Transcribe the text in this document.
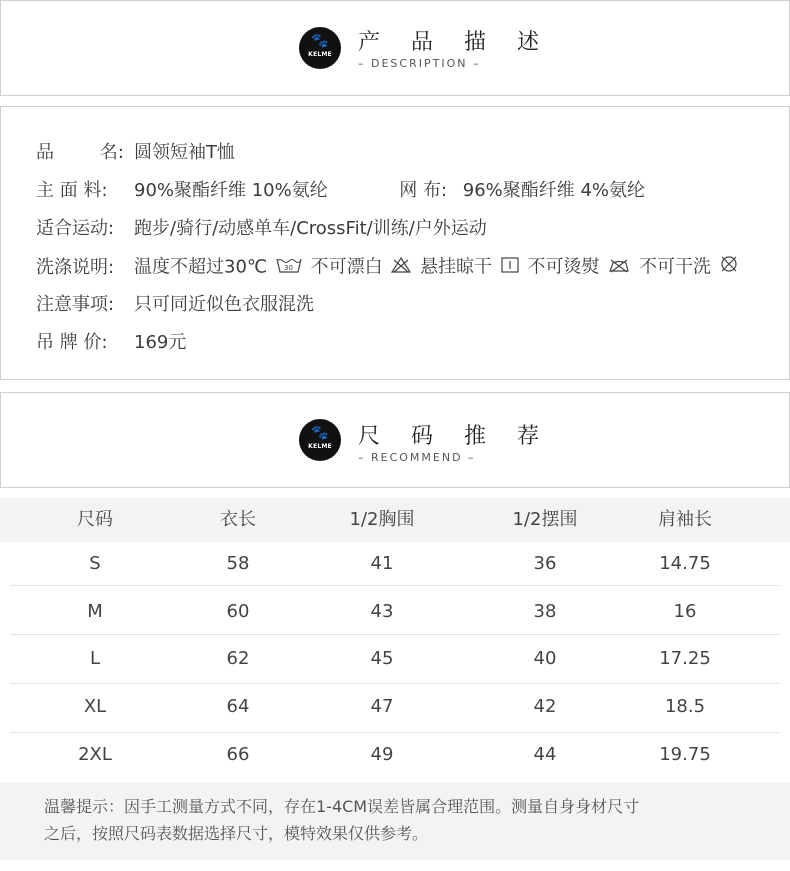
🐾
KELME	产 品 描 述
– DESCRIPTION –
品	名: 圆领短袖T恤
主 面 料: 90%聚酯纤维 10%氨纶	网 布: 96%聚酯纤维 4%氨纶
适合运动: 跑步/骑行/动感单车/CrossFit/训练/户外运动
洗涤说明: 温度不超过30℃ 30 不可漂白 悬挂晾干 不可烫熨 不可干洗
注意事项: 只可同近似色衣服混洗
吊 牌 价: 169元
🐾
KELME	尺 码 推 荐
– RECOMMEND –
尺码	衣长	1/2胸围	1/2摆围	肩袖长
S	58	41	36	14.75
M	60	43	38	16
L	62	45	40	17.25
XL	64	47	42	18.5
2XL	66	49	44	19.75

温馨提示：因手工测量方式不同，存在1-4CM误差皆属合理范围。测量自身身材尺寸

之后，按照尺码表数据选择尺寸，模特效果仅供参考。
